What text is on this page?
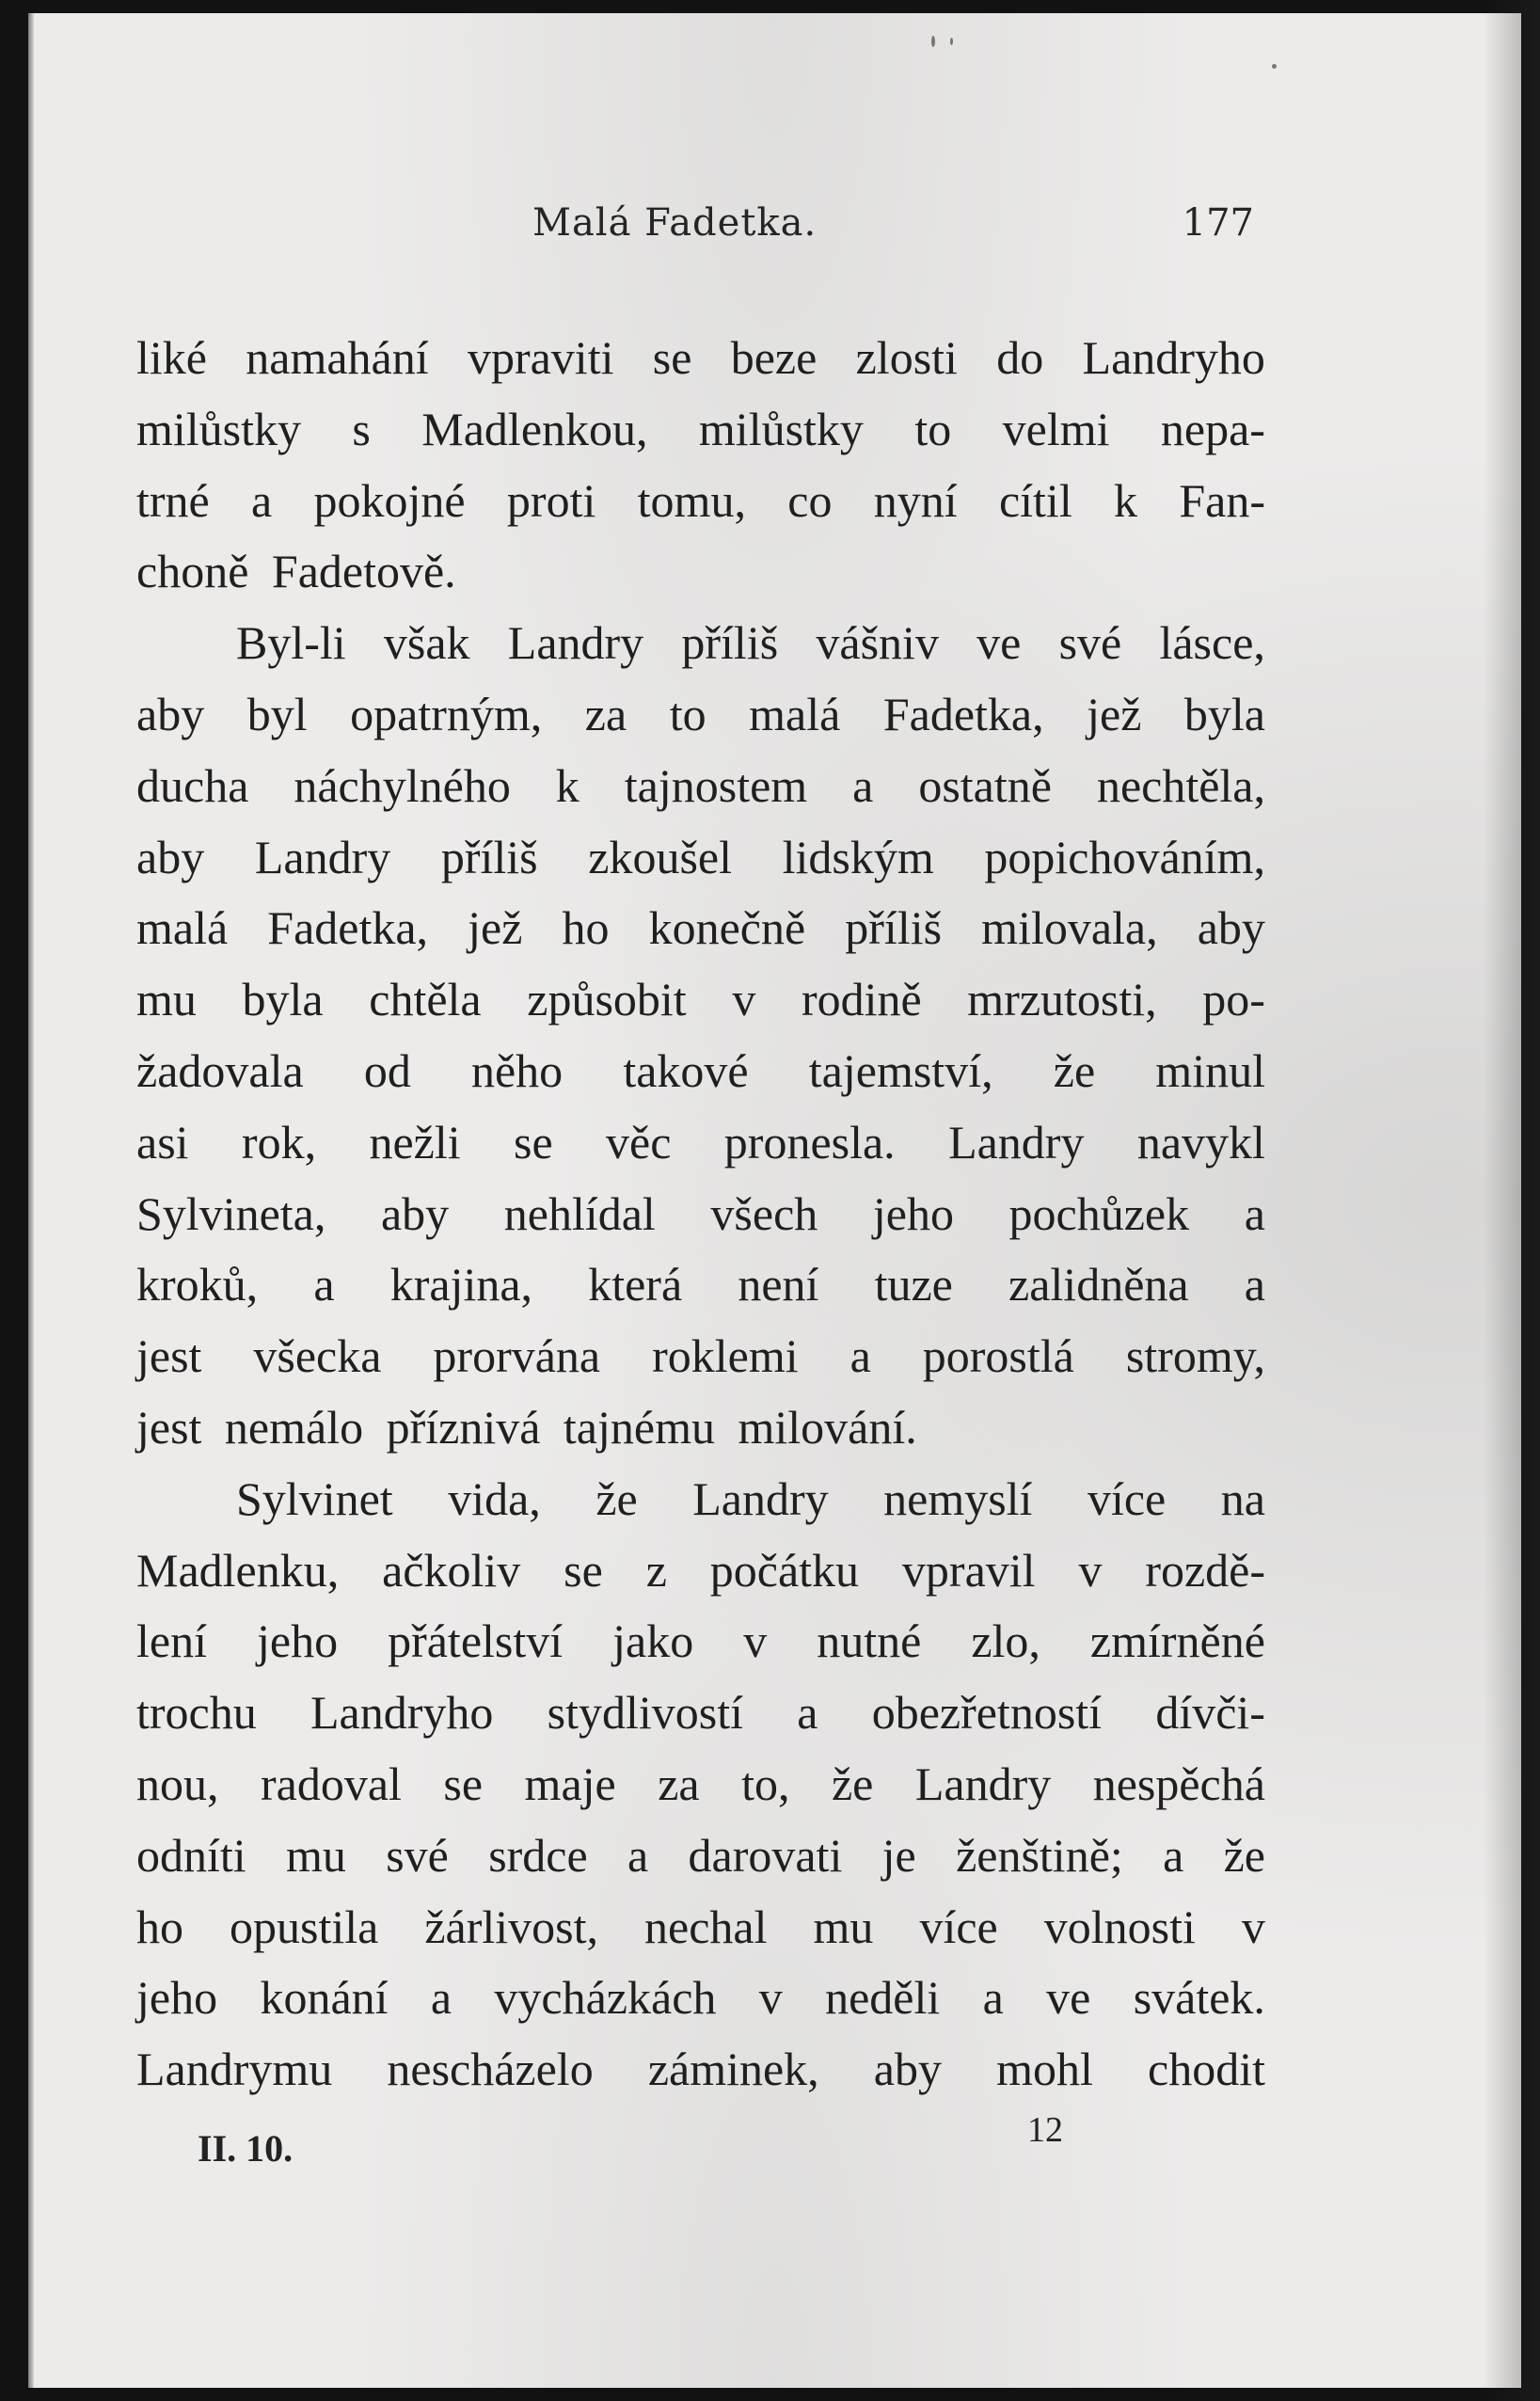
Malá Fadetka.	177
liké namahání vpraviti se beze zlosti do Landryho
milůstky s Madlenkou, milůstky to velmi nepa-
trné a pokojné proti tomu, co nyní cítil k Fan-
choně Fadetově.
Byl-li však Landry příliš vášniv ve své lásce,
aby byl opatrným, za to malá Fadetka, jež byla
ducha náchylného k tajnostem a ostatně nechtěla,
aby Landry příliš zkoušel lidským popichováním,
malá Fadetka, jež ho konečně příliš milovala, aby
mu byla chtěla způsobit v rodině mrzutosti, po-
žadovala od něho takové tajemství, že minul
asi rok, nežli se věc pronesla. Landry navykl
Sylvineta, aby nehlídal všech jeho pochůzek a
kroků, a krajina, která není tuze zalidněna a
jest všecka prorvána roklemi a porostlá stromy,
jest nemálo příznivá tajnému milování.
Sylvinet vida, že Landry nemyslí více na
Madlenku, ačkoliv se z počátku vpravil v rozdě-
lení jeho přátelství jako v nutné zlo, zmírněné
trochu Landryho stydlivostí a obezřetností dívči-
nou, radoval se maje za to, že Landry nespěchá
odníti mu své srdce a darovati je ženštině; a že
ho opustila žárlivost, nechal mu více volnosti v
jeho konání a vycházkách v neděli a ve svátek.
Landrymu nescházelo záminek, aby mohl chodit
II. 10.	12
